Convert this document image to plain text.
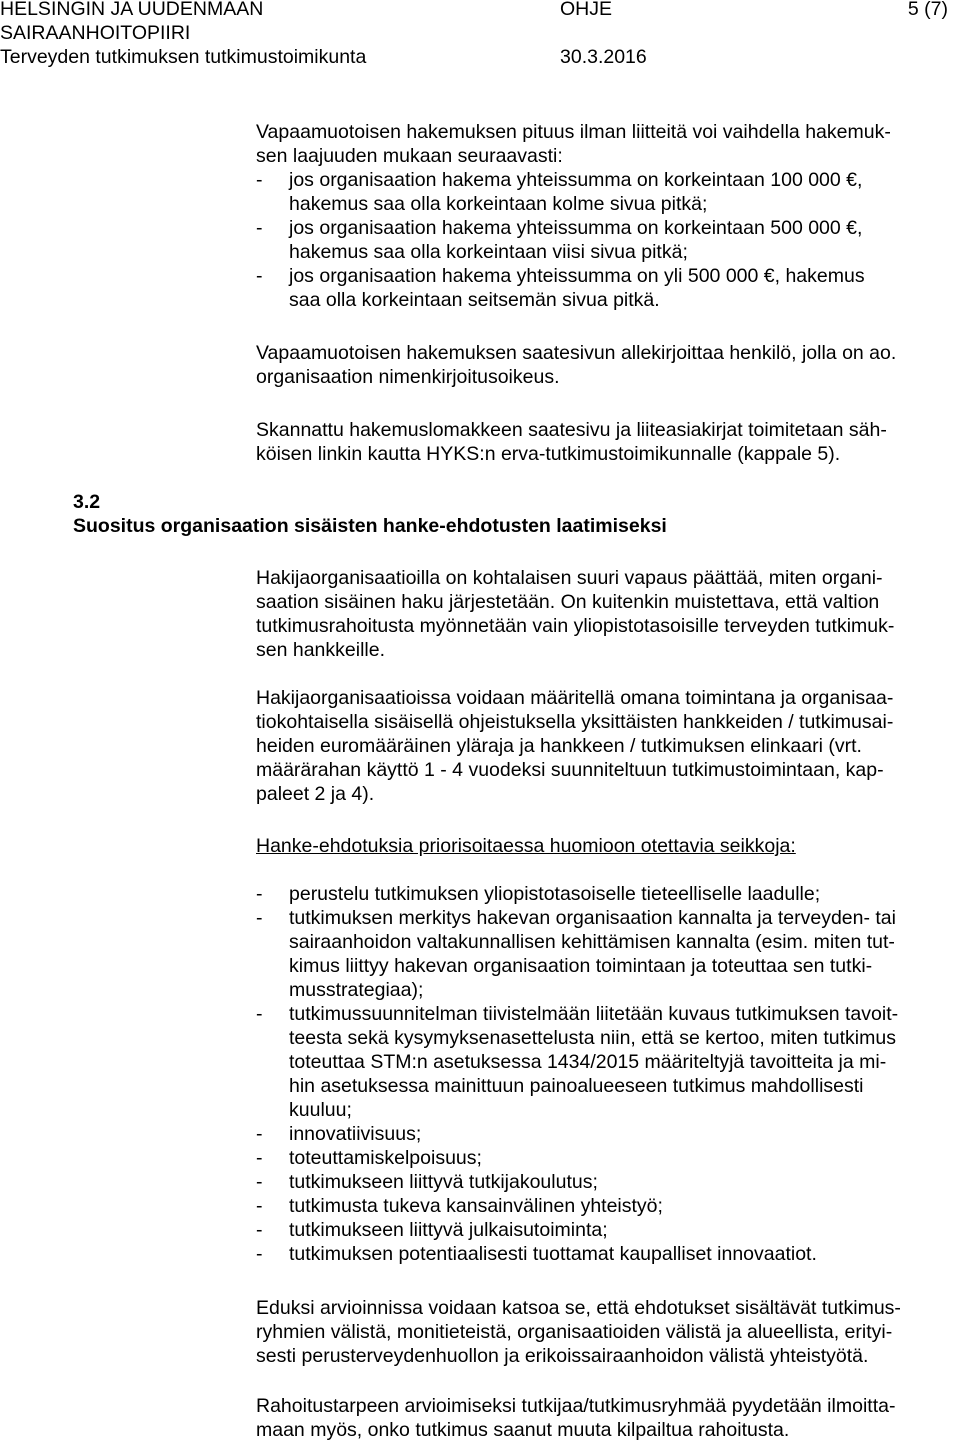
HELSINGIN JA UUDENMAAN
SAIRAANHOITOPIIRI
Terveyden tutkimuksen tutkimustoimikunta
OHJE
30.3.2016
5 (7)
Vapaamuotoisen hakemuksen pituus ilman liitteitä voi vaihdella hakemuk-
sen laajuuden mukaan seuraavasti:
-	jos organisaation hakema yhteissumma on korkeintaan 100 000 €,
hakemus saa olla korkeintaan kolme sivua pitkä;
-	jos organisaation hakema yhteissumma on korkeintaan 500 000 €,
hakemus saa olla korkeintaan viisi sivua pitkä;
-	jos organisaation hakema yhteissumma on yli 500 000 €, hakemus
saa olla korkeintaan seitsemän sivua pitkä.
Vapaamuotoisen hakemuksen saatesivun allekirjoittaa henkilö, jolla on ao.
organisaation nimenkirjoitusoikeus.
Skannattu hakemuslomakkeen saatesivu ja liiteasiakirjat toimitetaan säh-
köisen linkin kautta HYKS:n erva-tutkimustoimikunnalle (kappale 5).
3.2
Suositus organisaation sisäisten hanke-ehdotusten laatimiseksi
Hakijaorganisaatioilla on kohtalaisen suuri vapaus päättää, miten organi-
saation sisäinen haku järjestetään. On kuitenkin muistettava, että valtion
tutkimusrahoitusta myönnetään vain yliopistotasoisille terveyden tutkimuk-
sen hankkeille.
Hakijaorganisaatioissa voidaan määritellä omana toimintana ja organisaa-
tiokohtaisella sisäisellä ohjeistuksella yksittäisten hankkeiden / tutkimusai-
heiden euromääräinen yläraja ja hankkeen / tutkimuksen elinkaari (vrt.
määrärahan käyttö 1 - 4 vuodeksi suunniteltuun tutkimustoimintaan, kap-
paleet 2 ja 4).
Hanke-ehdotuksia priorisoitaessa huomioon otettavia seikkoja:
-	perustelu tutkimuksen yliopistotasoiselle tieteelliselle laadulle;
-	tutkimuksen merkitys hakevan organisaation kannalta ja terveyden- tai
sairaanhoidon valtakunnallisen kehittämisen kannalta (esim. miten tut-
kimus liittyy hakevan organisaation toimintaan ja toteuttaa sen tutki-
musstrategiaa);
-	tutkimussuunnitelman tiivistelmään liitetään kuvaus tutkimuksen tavoit-
teesta sekä kysymyksenasettelusta niin, että se kertoo, miten tutkimus
toteuttaa STM:n asetuksessa 1434/2015 määriteltyjä tavoitteita ja mi-
hin asetuksessa mainittuun painoalueeseen tutkimus mahdollisesti
kuuluu;
-	innovatiivisuus;
-	toteuttamiskelpoisuus;
-	tutkimukseen liittyvä tutkijakoulutus;
-	tutkimusta tukeva kansainvälinen yhteistyö;
-	tutkimukseen liittyvä julkaisutoiminta;
-	tutkimuksen potentiaalisesti tuottamat kaupalliset innovaatiot.
Eduksi arvioinnissa voidaan katsoa se, että ehdotukset sisältävät tutkimus-
ryhmien välistä, monitieteistä, organisaatioiden välistä ja alueellista, erityi-
sesti perusterveydenhuollon ja erikoissairaanhoidon välistä yhteistyötä.
Rahoitustarpeen arvioimiseksi tutkijaa/tutkimusryhmää pyydetään ilmoitta-
maan myös, onko tutkimus saanut muuta kilpailtua rahoitusta.
